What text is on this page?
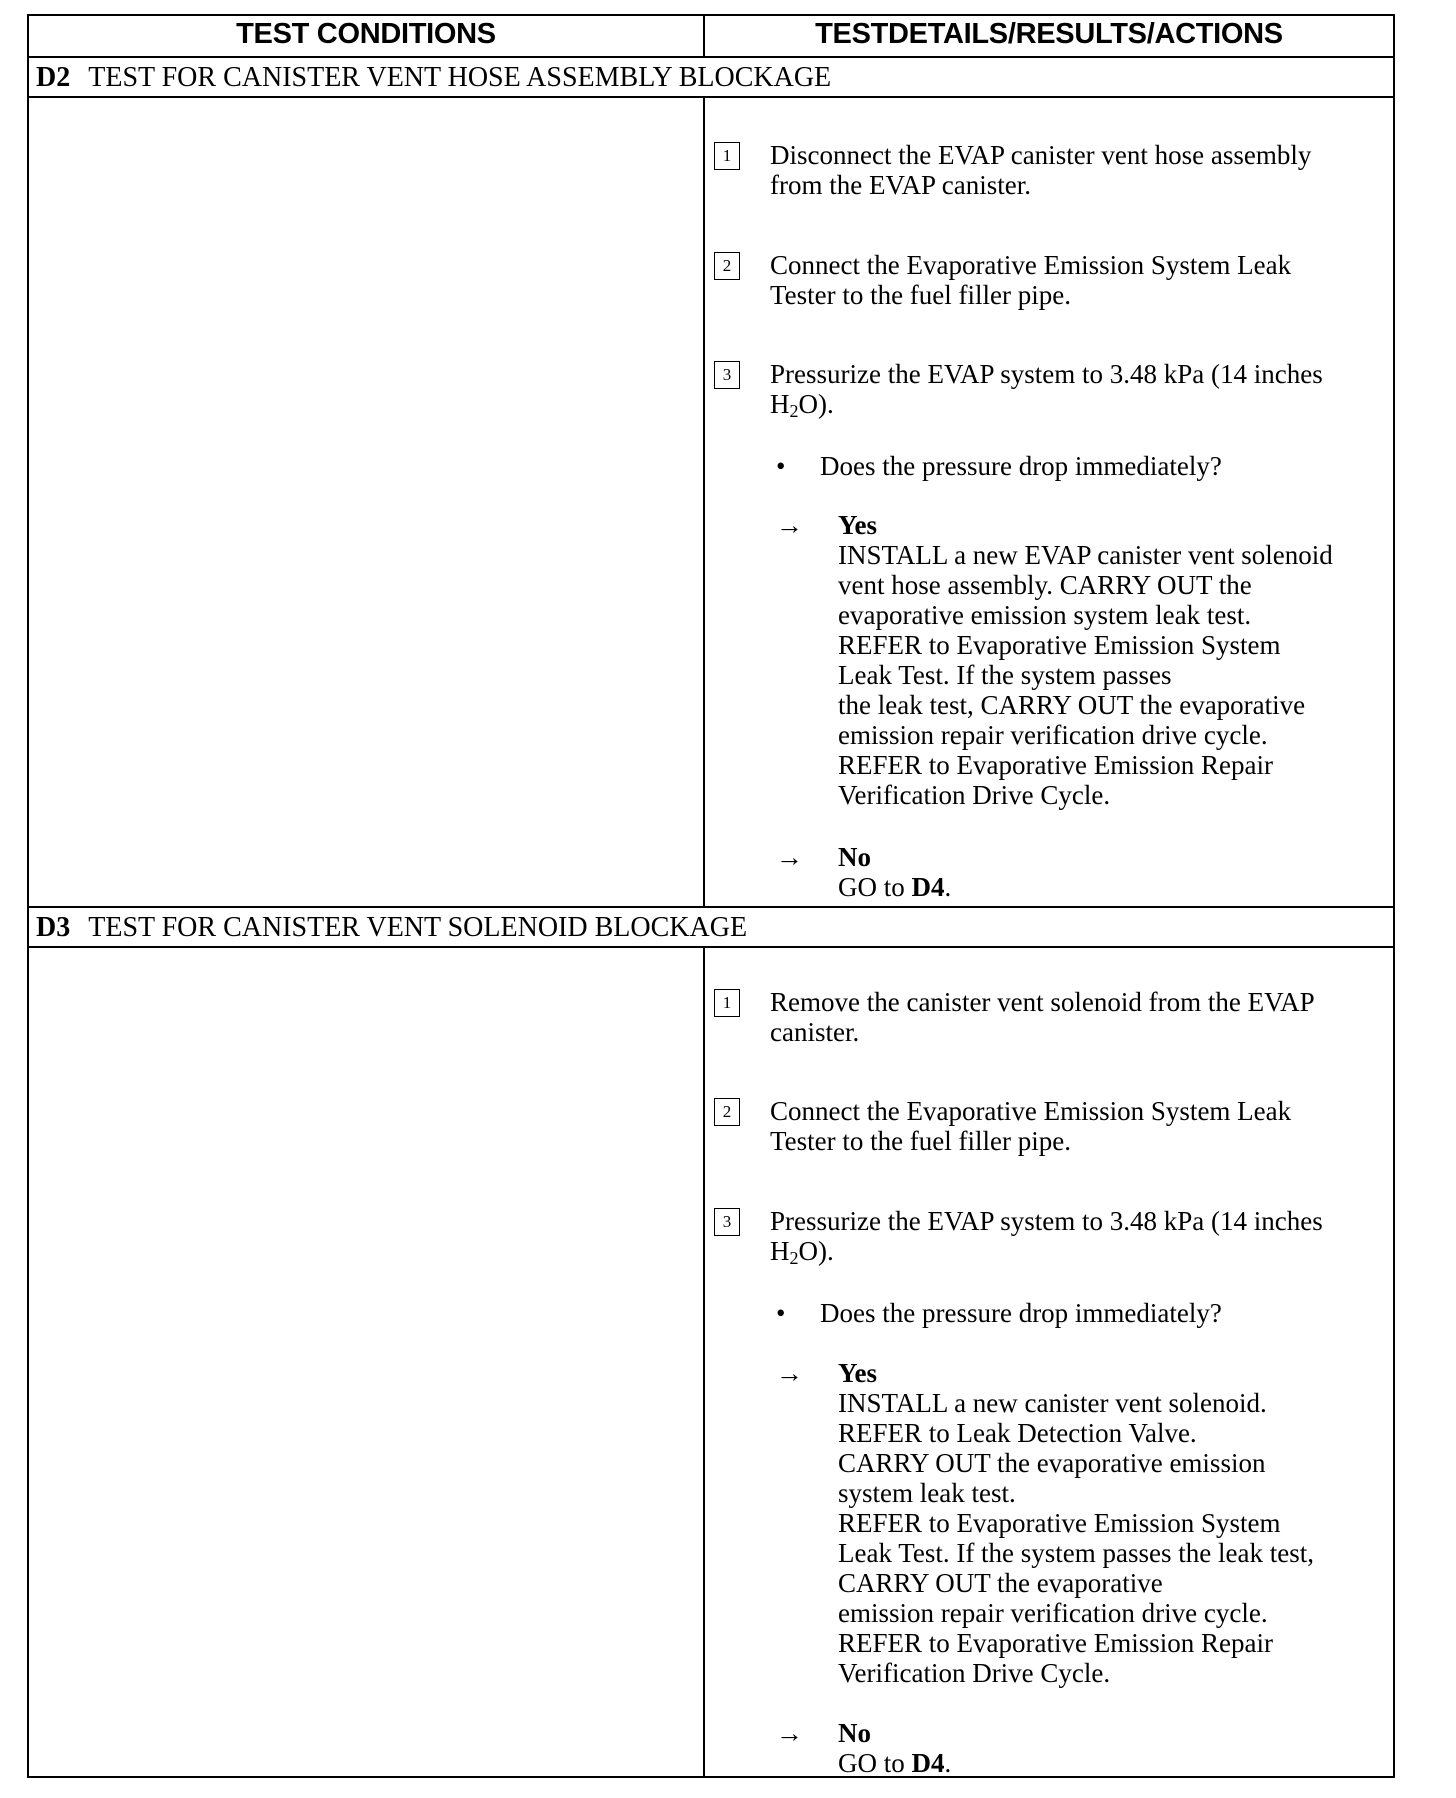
TEST CONDITIONS	TESTDETAILS/RESULTS/ACTIONS
D2 TEST FOR CANISTER VENT HOSE ASSEMBLY BLOCKAGE
1	Disconnect the EVAP canister vent hose assembly
from the EVAP canister.
2	Connect the Evaporative Emission System Leak
Tester to the fuel filler pipe.
3	Pressurize the EVAP system to 3.48 kPa (14 inches
$H_2O$).
• Does the pressure drop immediately?
→ Yes
INSTALL a new EVAP canister vent solenoid
vent hose assembly. CARRY OUT the
evaporative emission system leak test.
REFER to Evaporative Emission System
Leak Test. If the system passes
the leak test, CARRY OUT the evaporative
emission repair verification drive cycle.
REFER to Evaporative Emission Repair
Verification Drive Cycle.
→ No
GO to D4.
D3 TEST FOR CANISTER VENT SOLENOID BLOCKAGE
1	Remove the canister vent solenoid from the EVAP
canister.
2	Connect the Evaporative Emission System Leak
Tester to the fuel filler pipe.
3	Pressurize the EVAP system to 3.48 kPa (14 inches
$H_2O$).
• Does the pressure drop immediately?
→ Yes
INSTALL a new canister vent solenoid.
REFER to Leak Detection Valve.
CARRY OUT the evaporative emission
system leak test.
REFER to Evaporative Emission System
Leak Test. If the system passes the leak test,
CARRY OUT the evaporative
emission repair verification drive cycle.
REFER to Evaporative Emission Repair
Verification Drive Cycle.
→ No
GO to D4.
